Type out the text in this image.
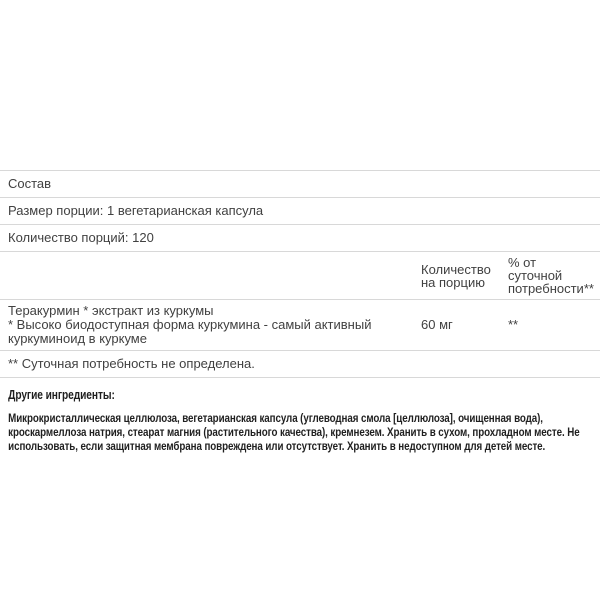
Состав		
Размер порции: 1 вегетарианская капсула		
Количество порций: 120		
	Количество на порцию	% от суточной потребности**

Теракурмин * экстракт из куркумы
* Высоко биодоступная форма куркумина - самый активный куркуминоид в куркуме	60 мг	**
** Суточная потребность не определена.		
Другие ингредиенты:
Микрокристаллическая целлюлоза, вегетарианская капсула (углеводная смола [целлюлоза], очищенная вода), кроскармеллоза натрия, стеарат магния (растительного качества), кремнезем. Хранить в сухом, прохладном месте. Не использовать, если защитная мембрана повреждена или отсутствует. Хранить в недоступном для детей месте.
